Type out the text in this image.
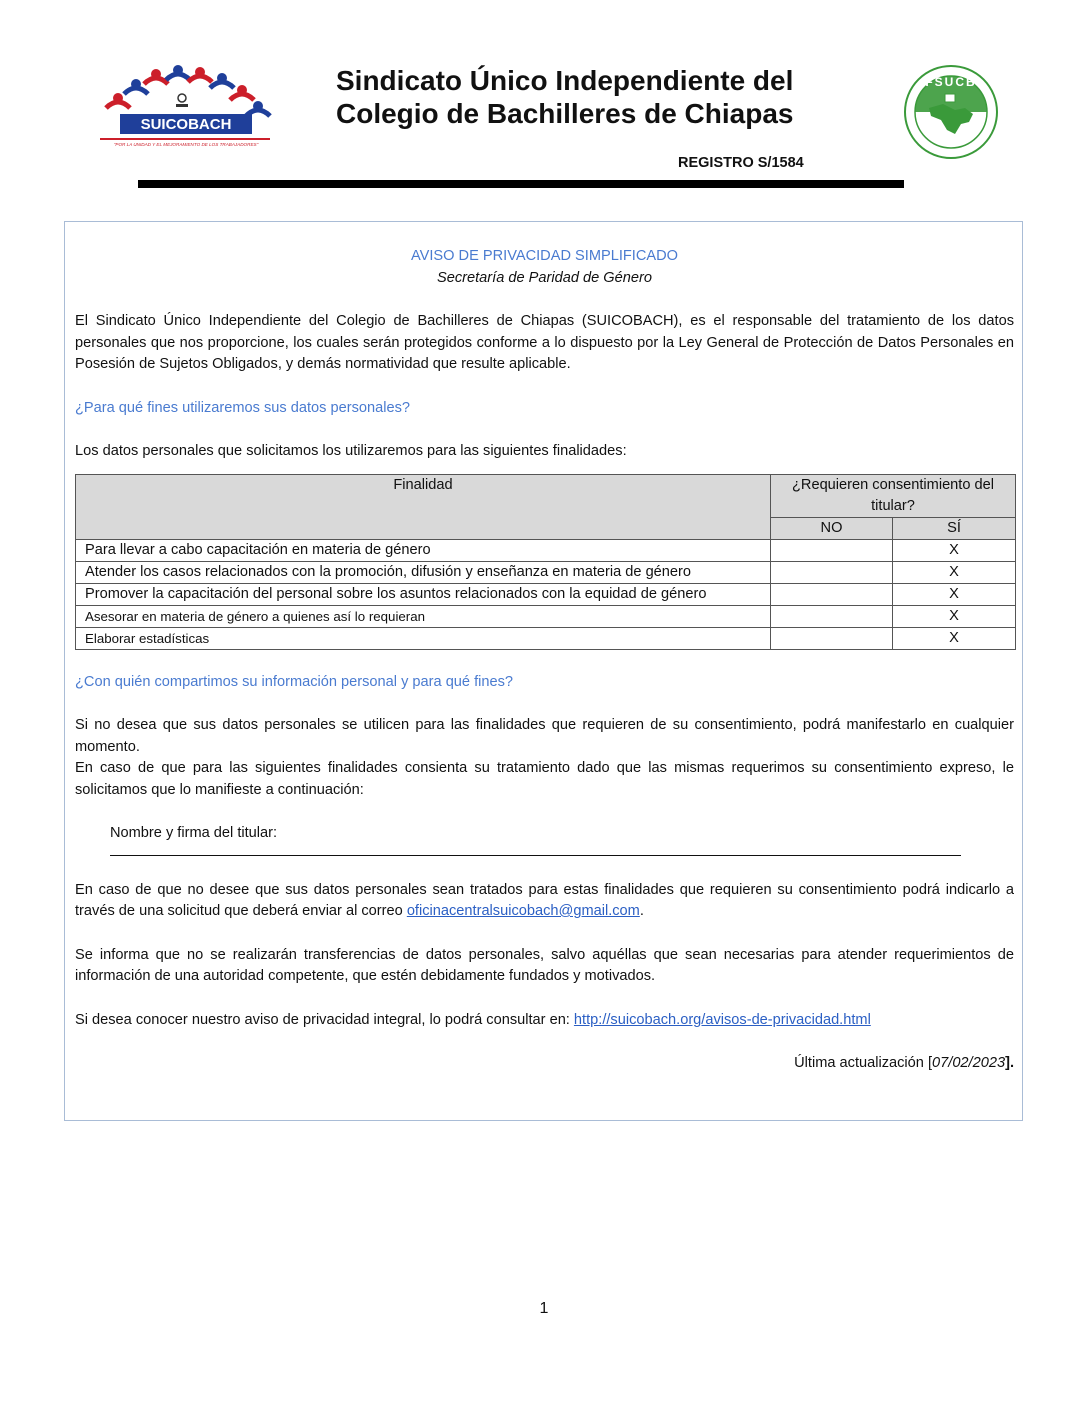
SUICOBACH
"POR LA UNIDAD Y EL MEJORAMIENTO DE LOS TRABAJADORES"
Sindicato Único Independiente del
Colegio de Bachilleres de Chiapas
FSUCB
REGISTRO S/1584
AVISO DE PRIVACIDAD SIMPLIFICADO
Secretaría de Paridad de Género

El Sindicato Único Independiente del Colegio de Bachilleres de Chiapas (SUICOBACH), es el responsable del tratamiento de los datos personales que nos proporcione, los cuales serán protegidos conforme a lo dispuesto por la Ley General de Protección de Datos Personales en Posesión de Sujetos Obligados, y demás normatividad que resulte aplicable.

¿Para qué fines utilizaremos sus datos personales?

Los datos personales que solicitamos los utilizaremos para las siguientes finalidades:

Finalidad	¿Requieren consentimiento del titular?	
	NO	SÍ
Para llevar a cabo capacitación en materia de género		X
Atender los casos relacionados con la promoción, difusión y enseñanza en materia de género		X
Promover la capacitación del personal sobre los asuntos relacionados con la equidad de género		X
Asesorar en materia de género a quienes así lo requieran		X
Elaborar estadísticas		X

¿Con quién compartimos su información personal y para qué fines?

Si no desea que sus datos personales se utilicen para las finalidades que requieren de su consentimiento, podrá manifestarlo en cualquier momento.

En caso de que para las siguientes finalidades consienta su tratamiento dado que las mismas requerimos su consentimiento expreso, le solicitamos que lo manifieste a continuación:

Nombre y firma del titular:

En caso de que no desee que sus datos personales sean tratados para estas finalidades que requieren su consentimiento podrá indicarlo a través de una solicitud que deberá enviar al correo oficinacentralsuicobach@gmail.com.

Se informa que no se realizarán transferencias de datos personales, salvo aquéllas que sean necesarias para atender requerimientos de información de una autoridad competente, que estén debidamente fundados y motivados.

Si desea conocer nuestro aviso de privacidad integral, lo podrá consultar en: http://suicobach.org/avisos-de-privacidad.html

Última actualización [07/02/2023].

1
